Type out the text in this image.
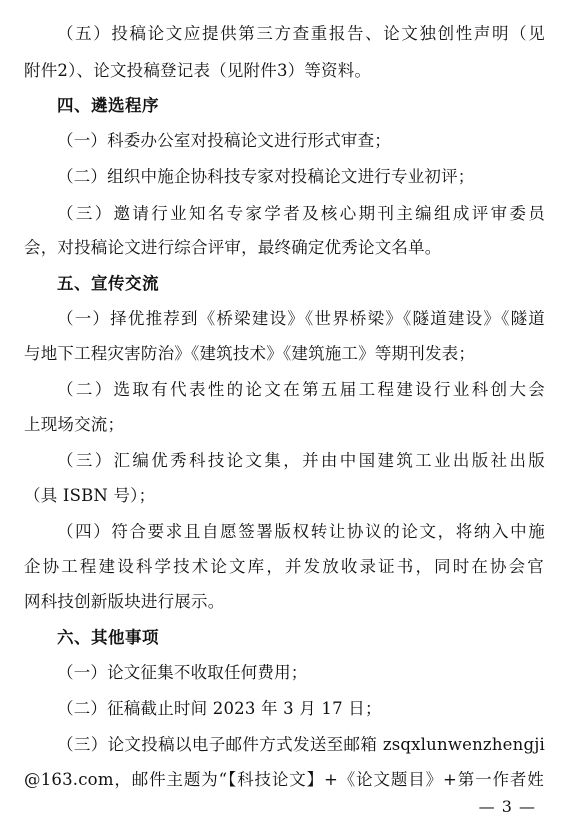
（五）投稿论文应提供第三方查重报告、论文独创性声明（见
附件2）、论文投稿登记表（见附件3）等资料。
四、遴选程序
（一）科委办公室对投稿论文进行形式审查；
（二）组织中施企协科技专家对投稿论文进行专业初评；
（三）邀请行业知名专家学者及核心期刊主编组成评审委员
会，对投稿论文进行综合评审，最终确定优秀论文名单。
五、宣传交流
（一）择优推荐到《桥梁建设》《世界桥梁》《隧道建设》《隧道
与地下工程灾害防治》《建筑技术》《建筑施工》等期刊发表；
（二）选取有代表性的论文在第五届工程建设行业科创大会
上现场交流；
（三）汇编优秀科技论文集，并由中国建筑工业出版社出版
（具 ISBN 号）；
（四）符合要求且自愿签署版权转让协议的论文，将纳入中施
企协工程建设科学技术论文库，并发放收录证书，同时在协会官
网科技创新版块进行展示。
六、其他事项
（一）论文征集不收取任何费用；
（二）征稿截止时间 2023 年 3 月 17 日；
（三）论文投稿以电子邮件方式发送至邮箱 zsqxlunwenzhengji
@163.com，邮件主题为“【科技论文】+《论文题目》+第一作者姓
— 3 —
